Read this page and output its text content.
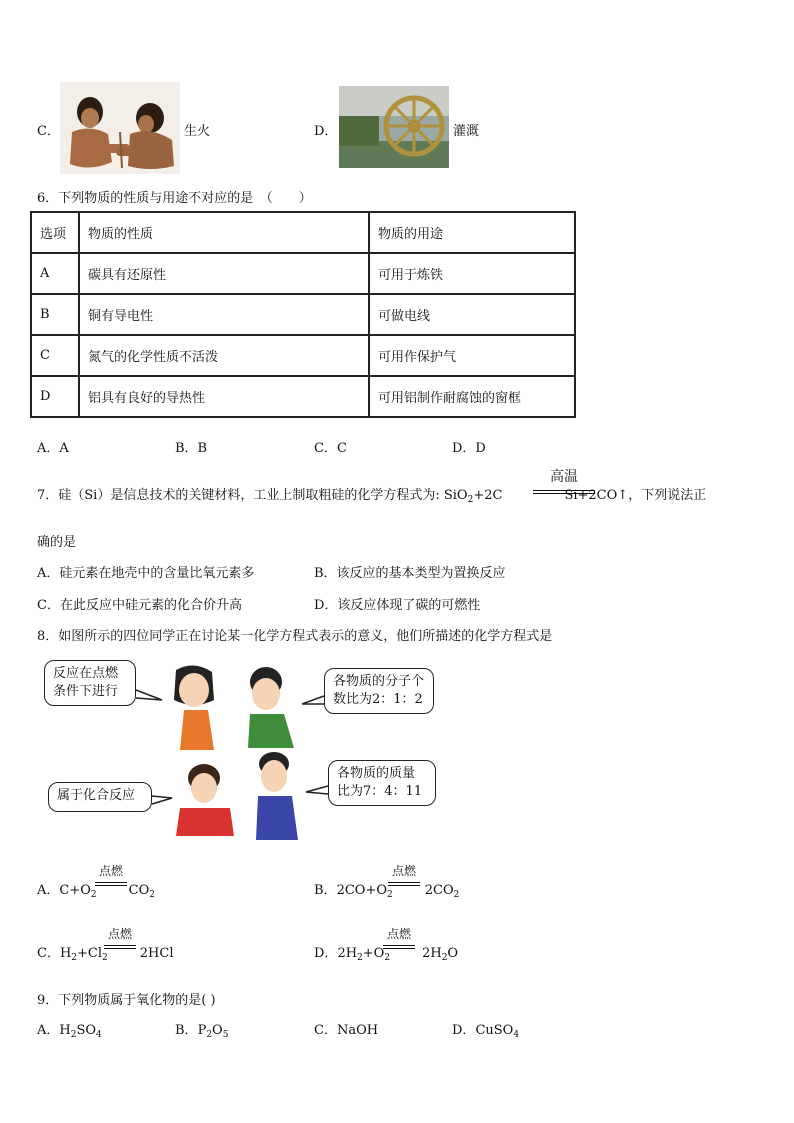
C．	生火	D．	灌溉
6．下列物质的性质与用途不对应的是　（　　）
选项	物质的性质	物质的用途
A	碳具有还原性	可用于炼铁
B	铜有导电性	可做电线
C	氮气的化学性质不活泼	可用作保护气
D	铝具有良好的导热性	可用铝制作耐腐蚀的窗框
A．A	B．B	C．C	D．D
7．硅（Si）是信息技术的关键材料，工业上制取粗硅的化学方程式为: SiO$_2$+2C	Si+2CO↑，下列说法正
高温
确的是
A．硅元素在地壳中的含量比氧元素多	B．该反应的基本类型为置换反应
C．在此反应中硅元素的化合价升高	D．该反应体现了碳的可燃性
8．如图所示的四位同学正在讨论某一化学方程式表示的意义，他们所描述的化学方程式是
反应在点燃条件下进行
各物质的分子个数比为2：1：2
属于化合反应
各物质的质量比为7：4：11
A．$C+O_2$ $CO_2$
点燃
B．$2CO+O_2$ $2CO_2$
点燃
C．$H_2+Cl_2$ 2HCl
点燃
D．$2H_2+O_2$ $2H_2O$
点燃
9．下列物质属于氧化物的是( )
A．$H_2SO_4$	B．$P_2O_5$	C．NaOH	D．CuSO$_4$
